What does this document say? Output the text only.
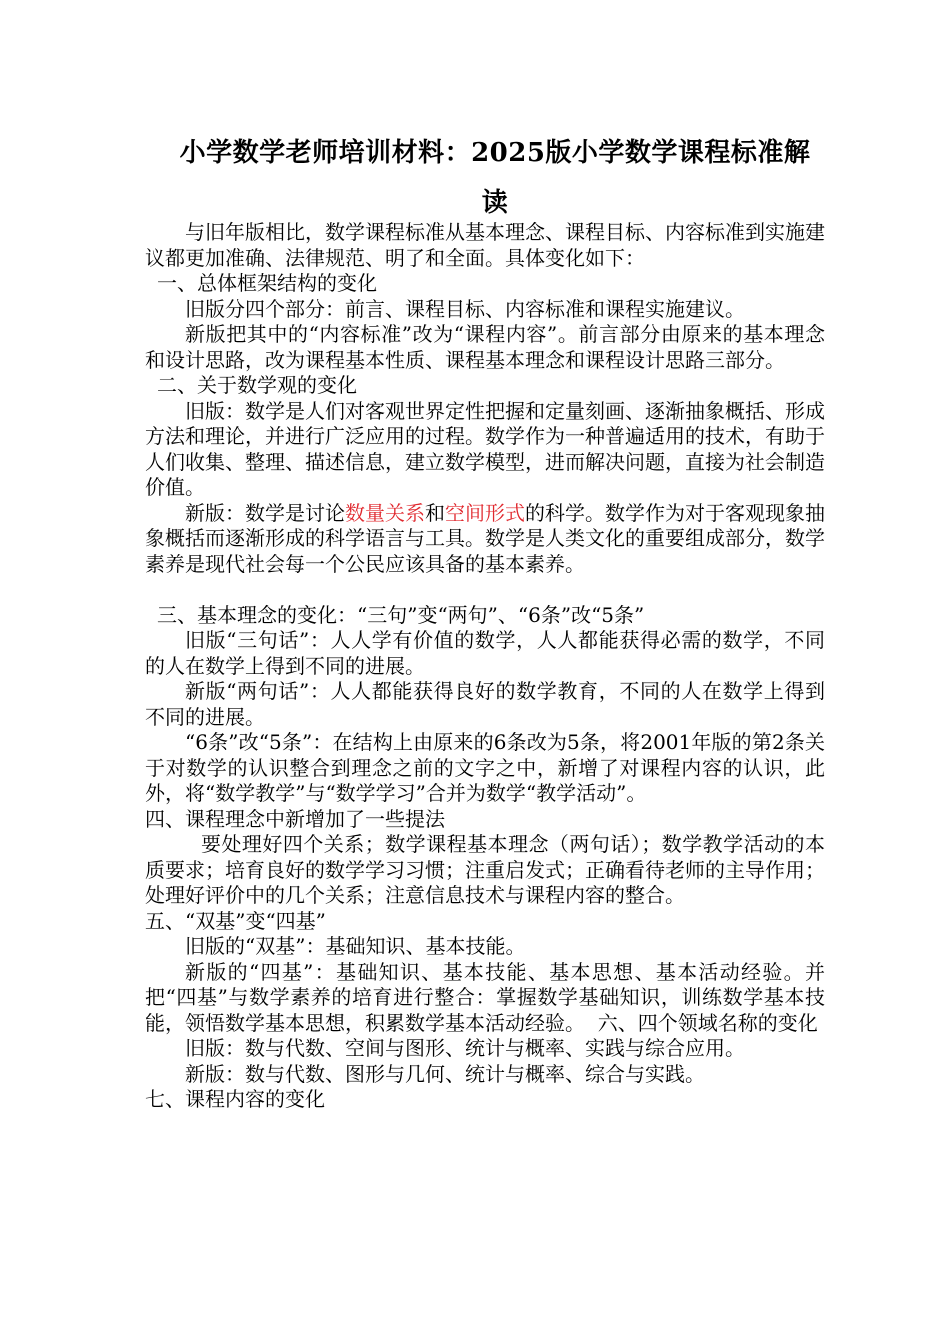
小学数学老师培训材料：2025版小学数学课程标准解
读

与旧年版相比，数学课程标准从基本理念、课程目标、内容标准到实施建议都更加准确、法律规范、明了和全面。具体变化如下：

一、总体框架结构的变化

旧版分四个部分：前言、课程目标、内容标准和课程实施建议。

新版把其中的“内容标准”改为“课程内容”。前言部分由原来的基本理念和设计思路，改为课程基本性质、课程基本理念和课程设计思路三部分。

二、关于数学观的变化

旧版：数学是人们对客观世界定性把握和定量刻画、逐渐抽象概括、形成方法和理论，并进行广泛应用的过程。数学作为一种普遍适用的技术，有助于人们收集、整理、描述信息，建立数学模型，进而解决问题，直接为社会制造价值。

新版：数学是讨论数量关系和空间形式的科学。数学作为对于客观现象抽象概括而逐渐形成的科学语言与工具。数学是人类文化的重要组成部分，数学素养是现代社会每一个公民应该具备的基本素养。

三、基本理念的变化：“三句”变“两句”、“6条”改“5条”

旧版“三句话”：人人学有价值的数学，人人都能获得必需的数学，不同的人在数学上得到不同的进展。

新版“两句话”：人人都能获得良好的数学教育，不同的人在数学上得到不同的进展。

“6条”改“5条”：在结构上由原来的6条改为5条，将2001年版的第2条关于对数学的认识整合到理念之前的文字之中，新增了对课程内容的认识，此外，将“数学教学”与“数学学习”合并为数学“教学活动”。

四、课程理念中新增加了一些提法

要处理好四个关系；数学课程基本理念（两句话）；数学教学活动的本质要求；培育良好的数学学习习惯；注重启发式；正确看待老师的主导作用；处理好评价中的几个关系；注意信息技术与课程内容的整合。

五、“双基”变“四基”

旧版的“双基”：基础知识、基本技能。

新版的“四基”：基础知识、基本技能、基本思想、基本活动经验。并把“四基”与数学素养的培育进行整合：掌握数学基础知识，训练数学基本技能，领悟数学基本思想，积累数学基本活动经验。 六、四个领域名称的变化

旧版：数与代数、空间与图形、统计与概率、实践与综合应用。

新版：数与代数、图形与几何、统计与概率、综合与实践。

七、课程内容的变化
